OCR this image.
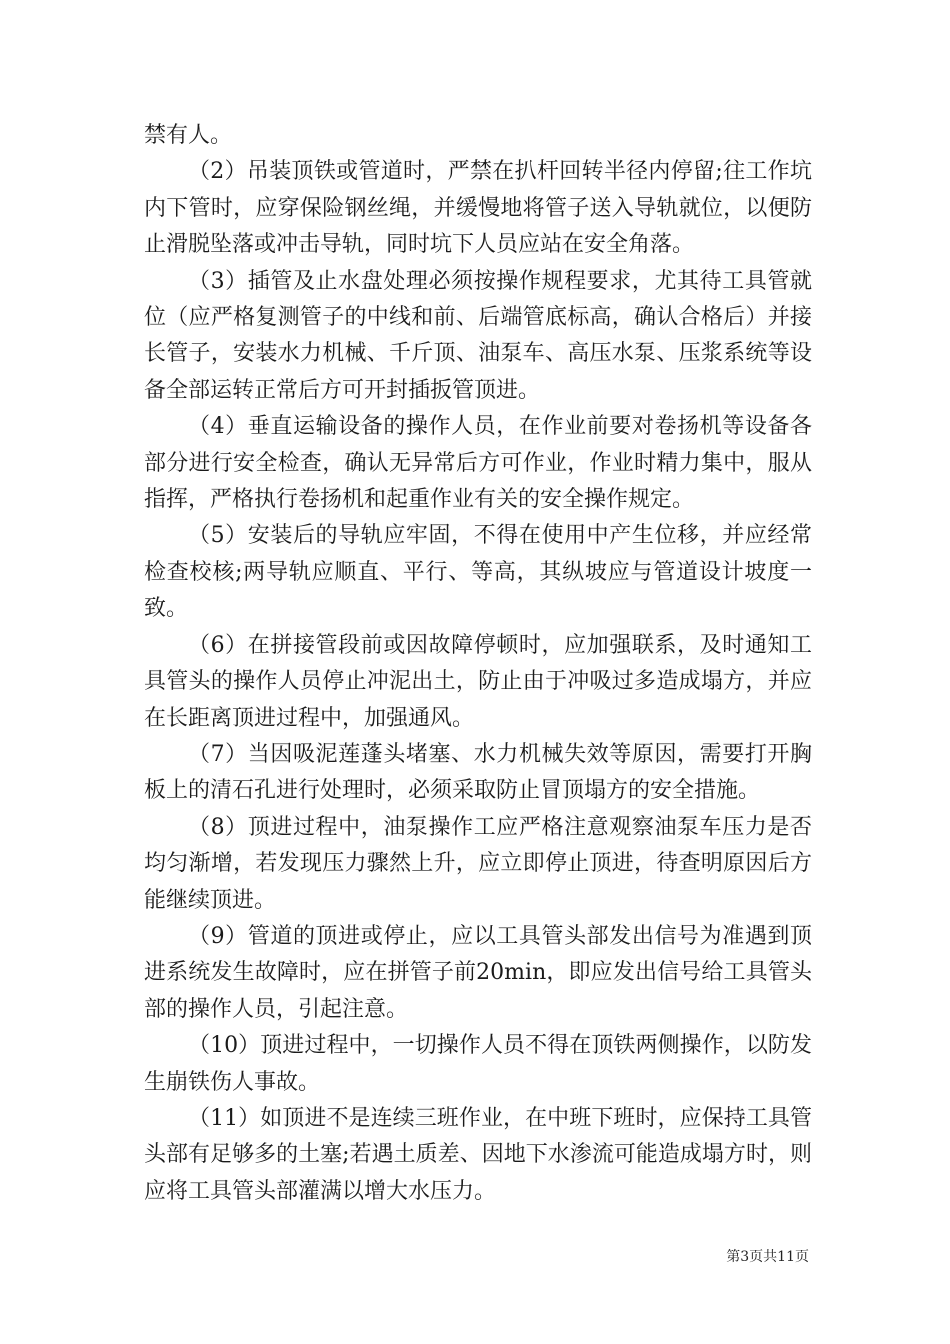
禁有人。

（2）吊装顶铁或管道时，严禁在扒杆回转半径内停留;往工作坑内下管时，应穿保险钢丝绳，并缓慢地将管子送入导轨就位，以便防止滑脱坠落或冲击导轨，同时坑下人员应站在安全角落。

（3）插管及止水盘处理必须按操作规程要求，尤其待工具管就位（应严格复测管子的中线和前、后端管底标高，确认合格后）并接长管子，安装水力机械、千斤顶、油泵车、高压水泵、压浆系统等设备全部运转正常后方可开封插扳管顶进。

（4）垂直运输设备的操作人员，在作业前要对卷扬机等设备各部分进行安全检查，确认无异常后方可作业，作业时精力集中，服从指挥，严格执行卷扬机和起重作业有关的安全操作规定。

（5）安装后的导轨应牢固，不得在使用中产生位移，并应经常检查校核;两导轨应顺直、平行、等高，其纵坡应与管道设计坡度一致。

（6）在拼接管段前或因故障停顿时，应加强联系，及时通知工具管头的操作人员停止冲泥出土，防止由于冲吸过多造成塌方，并应在长距离顶进过程中，加强通风。

（7）当因吸泥莲蓬头堵塞、水力机械失效等原因，需要打开胸板上的清石孔进行处理时，必须采取防止冒顶塌方的安全措施。

（8）顶进过程中，油泵操作工应严格注意观察油泵车压力是否均匀渐增，若发现压力骤然上升，应立即停止顶进，待查明原因后方能继续顶进。

（9）管道的顶进或停止，应以工具管头部发出信号为准遇到顶进系统发生故障时，应在拼管子前20min，即应发出信号给工具管头部的操作人员，引起注意。

（10）顶进过程中，一切操作人员不得在顶铁两侧操作，以防发生崩铁伤人事故。

（11）如顶进不是连续三班作业，在中班下班时，应保持工具管头部有足够多的土塞;若遇土质差、因地下水渗流可能造成塌方时，则应将工具管头部灌满以增大水压力。

第3页共11页
